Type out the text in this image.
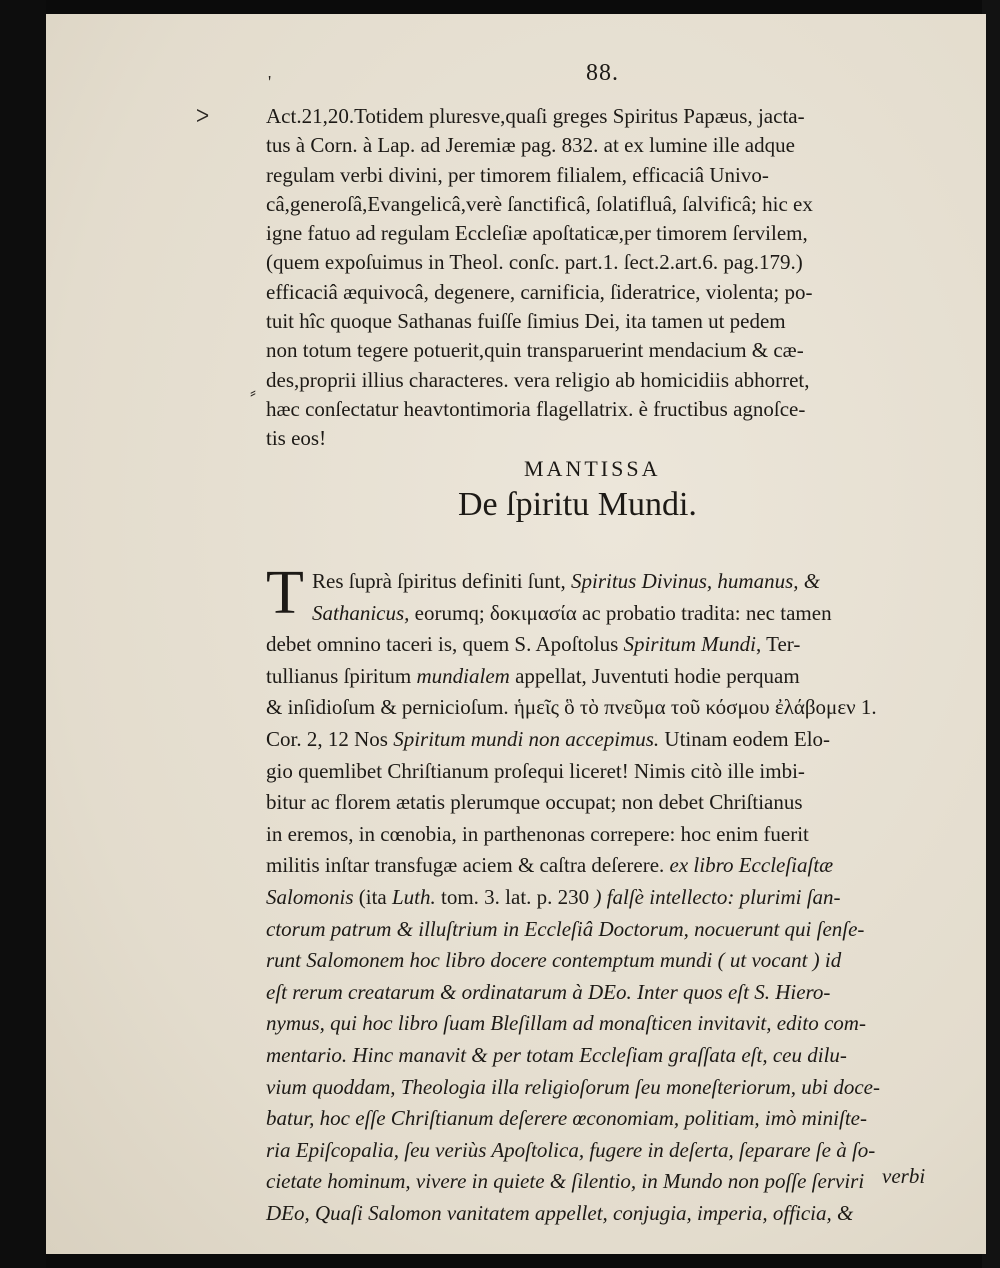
88.
'
ᐳ
⸗
Act.21,20.Totidem pluresve,quaſi greges Spiritus Papæus, jacta-
tus à Corn. à Lap. ad Jeremiæ pag. 832. at ex lumine ille adque
regulam verbi divini, per timorem filialem, efficaciâ Univo-
câ,generoſâ,Evangelicâ,verè ſanctificâ, ſolatifluâ, ſalvificâ; hic ex
igne fatuo ad regulam Eccleſiæ apoſtaticæ,per timorem ſervilem,
(quem expoſuimus in Theol. conſc. part.1. ſect.2.art.6. pag.179.)
efficaciâ æquivocâ, degenere, carnificia, ſideratrice, violenta; po-
tuit hîc quoque Sathanas fuiſſe ſimius Dei, ita tamen ut pedem
non totum tegere potuerit,quin transparuerint mendacium & cæ-
des,proprii illius characteres. vera religio ab homicidiis abhorret,
hæc conſectatur heavtontimoria flagellatrix. è fructibus agnoſce-
tis eos!
MANTISSA
De ſpiritu Mundi.
T Res ſuprà ſpiritus definiti ſunt, Spiritus Divinus, humanus, &
Sathanicus, eorumq; δοκιμασία ac probatio tradita: nec tamen
debet omnino taceri is, quem S. Apoſtolus Spiritum Mundi, Ter-
tullianus ſpiritum mundialem appellat, Juventuti hodie perquam
& inſidioſum & pernicioſum. ἡμεῖς ὃ τὸ πνεῦμα τοῦ κόσμου ἐλάβομεν 1.
Cor. 2, 12 Nos Spiritum mundi non accepimus. Utinam eodem Elo-
gio quemlibet Chriſtianum proſequi liceret! Nimis citò ille imbi-
bitur ac florem ætatis plerumque occupat; non debet Chriſtianus
in eremos, in cœnobia, in parthenonas correpere: hoc enim fuerit
militis inſtar transfugæ aciem & caſtra deſerere. ex libro Eccleſiaſtæ
Salomonis (ita Luth. tom. 3. lat. p. 230 ) falſè intellecto: plurimi ſan-
ctorum patrum & illuſtrium in Eccleſiâ Doctorum, nocuerunt qui ſenſe-
runt Salomonem hoc libro docere contemptum mundi ( ut vocant ) id
eſt rerum creatarum & ordinatarum à DEo. Inter quos eſt S. Hiero-
nymus, qui hoc libro ſuam Bleſillam ad monaſticen invitavit, edito com-
mentario. Hinc manavit & per totam Eccleſiam graſſata eſt, ceu dilu-
vium quoddam, Theologia illa religioſorum ſeu moneſteriorum, ubi doce-
batur, hoc eſſe Chriſtianum deſerere œconomiam, politiam, imò miniſte-
ria Epiſcopalia, ſeu veriùs Apoſtolica, fugere in deſerta, ſeparare ſe à ſo-
cietate hominum, vivere in quiete & ſilentio, in Mundo non poſſe ſerviri
DEo, Quaſi Salomon vanitatem appellet, conjugia, imperia, officia, &
verbi
